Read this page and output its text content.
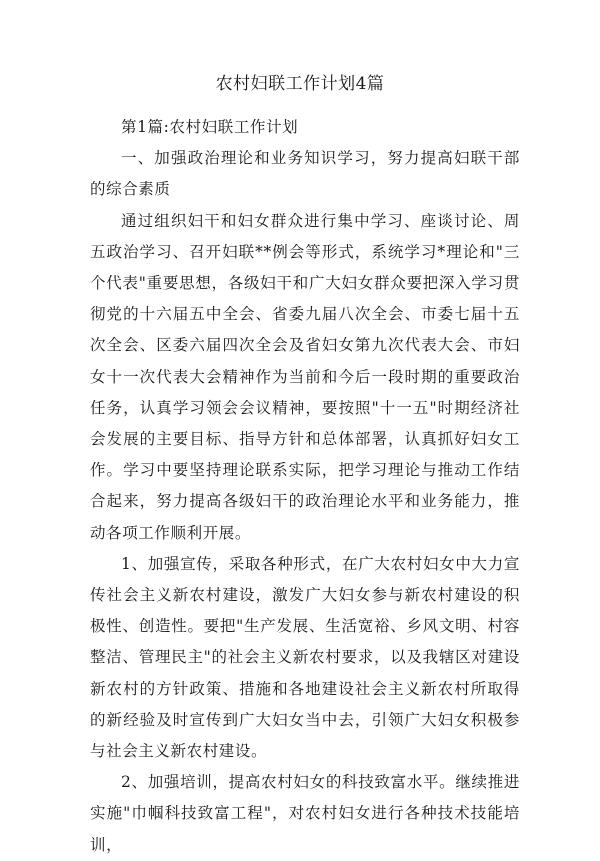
农村妇联工作计划4篇

第1篇:农村妇联工作计划

一、加强政治理论和业务知识学习，努力提高妇联干部的综合素质

通过组织妇干和妇女群众进行集中学习、座谈讨论、周五政治学习、召开妇联**例会等形式，系统学习*理论和"三个代表"重要思想，各级妇干和广大妇女群众要把深入学习贯彻党的十六届五中全会、省委九届八次全会、市委七届十五次全会、区委六届四次全会及省妇女第九次代表大会、市妇女十一次代表大会精神作为当前和今后一段时期的重要政治任务，认真学习领会会议精神，要按照"十一五"时期经济社会发展的主要目标、指导方针和总体部署，认真抓好妇女工作。学习中要坚持理论联系实际，把学习理论与推动工作结合起来，努力提高各级妇干的政治理论水平和业务能力，推动各项工作顺利开展。

1、加强宣传，采取各种形式，在广大农村妇女中大力宣传社会主义新农村建设，激发广大妇女参与新农村建设的积极性、创造性。要把"生产发展、生活宽裕、乡风文明、村容整洁、管理民主"的社会主义新农村要求，以及我辖区对建设新农村的方针政策、措施和各地建设社会主义新农村所取得的新经验及时宣传到广大妇女当中去，引领广大妇女积极参与社会主义新农村建设。

2、加强培训，提高农村妇女的科技致富水平。继续推进实施"巾帼科技致富工程"，对农村妇女进行各种技术技能培训，
